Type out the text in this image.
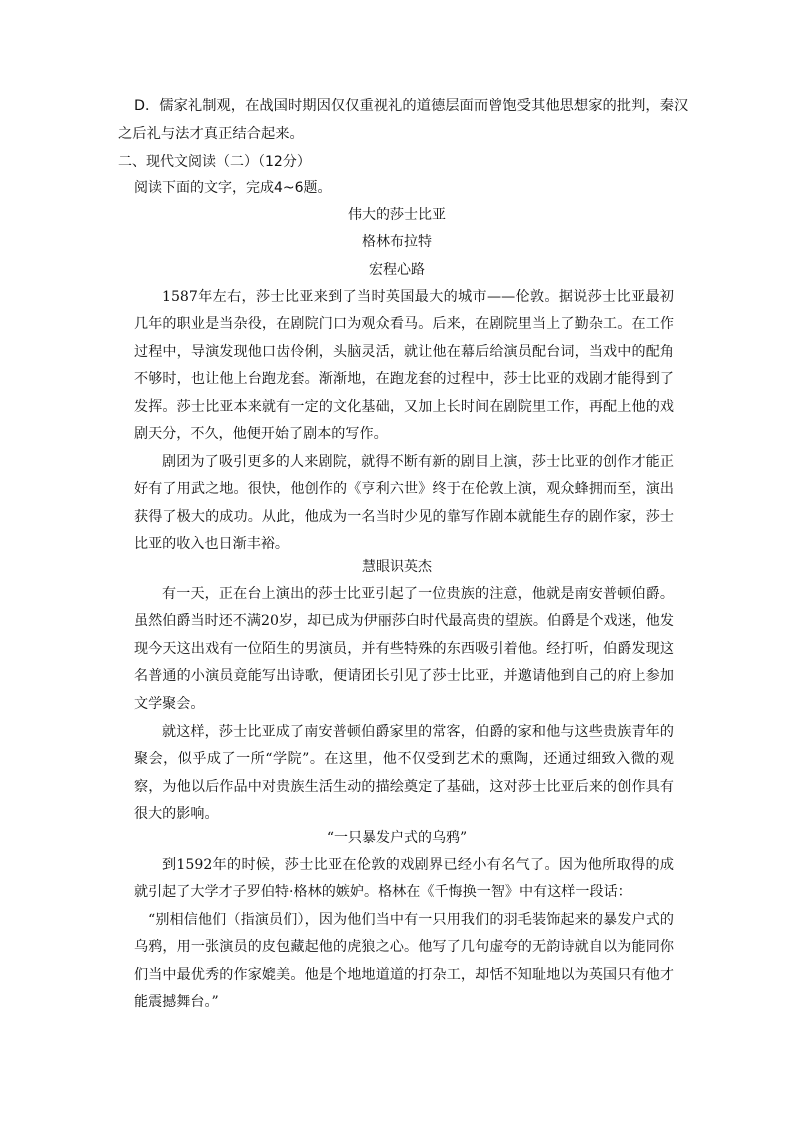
D．儒家礼制观，在战国时期因仅仅重视礼的道德层面而曾饱受其他思想家的批判，秦汉
之后礼与法才真正结合起来。
二、现代文阅读（二）（12分）
阅读下面的文字，完成4~6题。
伟大的莎士比亚
格林布拉特
宏程心路
1587年左右，莎士比亚来到了当时英国最大的城市——伦敦。据说莎士比亚最初几年的职业是当杂役，在剧院门口为观众看马。后来，在剧院里当上了勤杂工。在工作过程中，导演发现他口齿伶俐，头脑灵活，就让他在幕后给演员配台词，当戏中的配角不够时，也让他上台跑龙套。渐渐地，在跑龙套的过程中，莎士比亚的戏剧才能得到了发挥。莎士比亚本来就有一定的文化基础，又加上长时间在剧院里工作，再配上他的戏剧天分，不久，他便开始了剧本的写作。
剧团为了吸引更多的人来剧院，就得不断有新的剧目上演，莎士比亚的创作才能正好有了用武之地。很快，他创作的《亨利六世》终于在伦敦上演，观众蜂拥而至，演出获得了极大的成功。从此，他成为一名当时少见的靠写作剧本就能生存的剧作家，莎士比亚的收入也日渐丰裕。
慧眼识英杰
有一天，正在台上演出的莎士比亚引起了一位贵族的注意，他就是南安普顿伯爵。虽然伯爵当时还不满20岁，却已成为伊丽莎白时代最高贵的望族。伯爵是个戏迷，他发现今天这出戏有一位陌生的男演员，并有些特殊的东西吸引着他。经打听，伯爵发现这名普通的小演员竟能写出诗歌，便请团长引见了莎士比亚，并邀请他到自己的府上参加文学聚会。
就这样，莎士比亚成了南安普顿伯爵家里的常客，伯爵的家和他与这些贵族青年的聚会，似乎成了一所“学院”。在这里，他不仅受到艺术的熏陶，还通过细致入微的观察，为他以后作品中对贵族生活生动的描绘奠定了基础，这对莎士比亚后来的创作具有很大的影响。
“一只暴发户式的乌鸦”
到1592年的时候，莎士比亚在伦敦的戏剧界已经小有名气了。因为他所取得的成就引起了大学才子罗伯特·格林的嫉妒。格林在《千悔换一智》中有这样一段话：
“别相信他们（指演员们），因为他们当中有一只用我们的羽毛装饰起来的暴发户式的乌鸦，用一张演员的皮包藏起他的虎狼之心。他写了几句虚夸的无韵诗就自以为能同你们当中最优秀的作家媲美。他是个地地道道的打杂工，却恬不知耻地以为英国只有他才能震撼舞台。”
